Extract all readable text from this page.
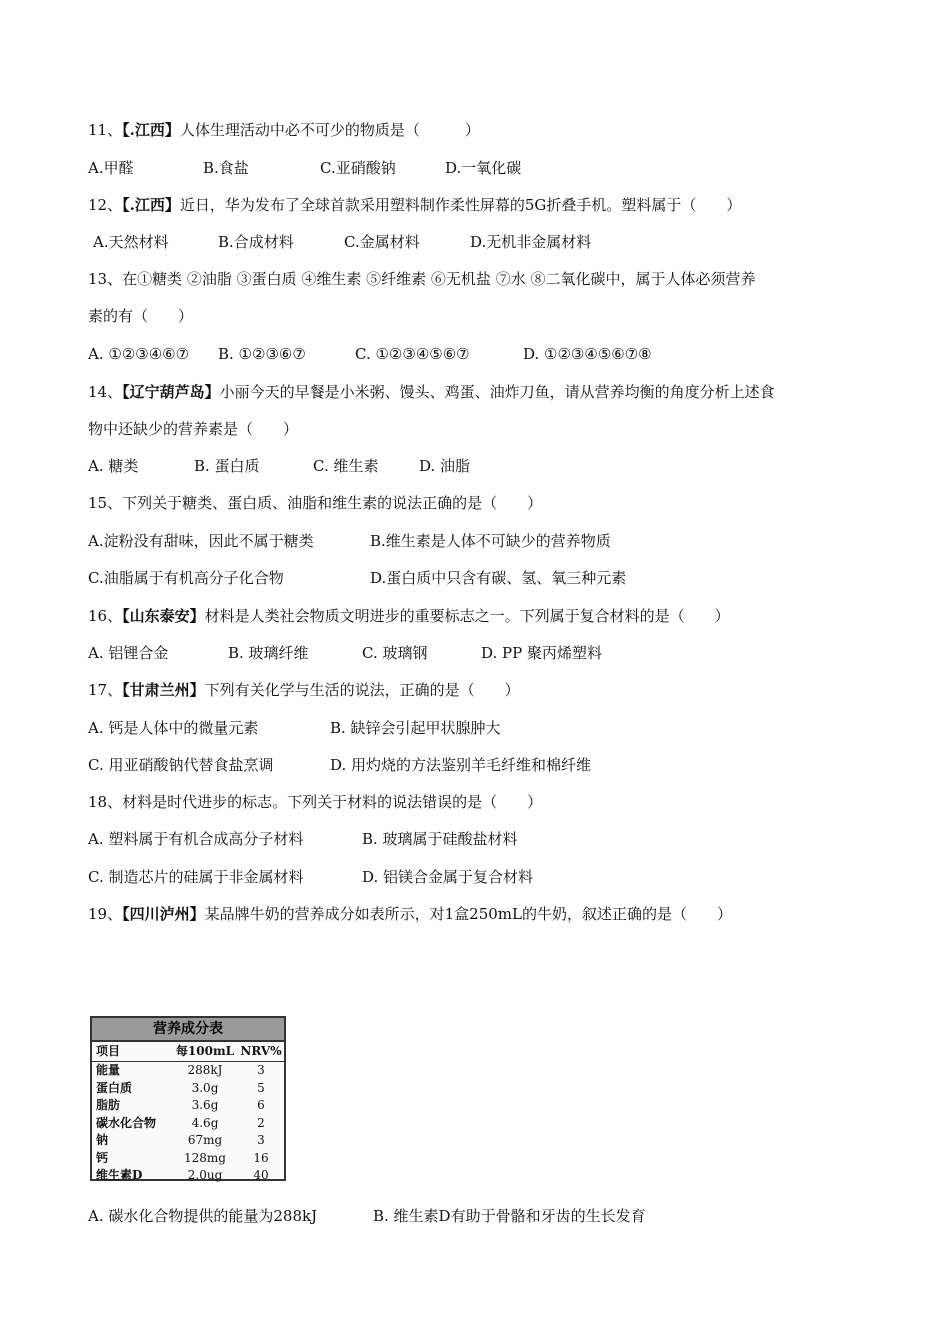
11、【.江西】人体生理活动中必不可少的物质是（　　　）
A.甲醛	B.食盐	C.亚硝酸钠	D.一氧化碳
12、【.江西】近日，华为发布了全球首款采用塑料制作柔性屏幕的5G折叠手机。塑料属于（　　）
A.天然材料	B.合成材料	C.金属材料	D.无机非金属材料
13、在①糖类 ②油脂 ③蛋白质 ④维生素 ⑤纤维素 ⑥无机盐 ⑦水 ⑧二氧化碳中，属于人体必须营养
素的有（　　）
A. ①②③④⑥⑦ B. ①②③⑥⑦	C. ①②③④⑤⑥⑦	D. ①②③④⑤⑥⑦⑧
14、【辽宁葫芦岛】小丽今天的早餐是小米粥、馒头、鸡蛋、油炸刀鱼，请从营养均衡的角度分析上述食
物中还缺少的营养素是（　　）
A. 糖类	B. 蛋白质	C. 维生素	D. 油脂
15、下列关于糖类、蛋白质、油脂和维生素的说法正确的是（　　）
A.淀粉没有甜味，因此不属于糖类	B.维生素是人体不可缺少的营养物质
C.油脂属于有机高分子化合物	D.蛋白质中只含有碳、氢、氧三种元素
16、【山东泰安】材料是人类社会物质文明进步的重要标志之一。下列属于复合材料的是（　　）
A. 铝锂合金	B. 玻璃纤维	C. 玻璃钢	D. PP 聚丙烯塑料
17、【甘肃兰州】下列有关化学与生活的说法，正确的是（　　）
A. 钙是人体中的微量元素	B. 缺锌会引起甲状腺肿大
C. 用亚硝酸钠代替食盐烹调	D. 用灼烧的方法鉴别羊毛纤维和棉纤维
18、材料是时代进步的标志。下列关于材料的说法错误的是（　　）
A. 塑料属于有机合成高分子材料	B. 玻璃属于硅酸盐材料
C. 制造芯片的硅属于非金属材料	D. 铝镁合金属于复合材料
19、【四川泸州】某品牌牛奶的营养成分如表所示，对1盒250mL的牛奶，叙述正确的是（　　）
营养成分表
项目	每100mL NRV%
能量	288kJ	3
蛋白质	3.0g	5
脂肪	3.6g	6
碳水化合物	4.6g	2
钠	67mg	3
钙	128mg	16
维生素D	2.0ug	40
A. 碳水化合物提供的能量为288kJ	B. 维生素D有助于骨骼和牙齿的生长发育
